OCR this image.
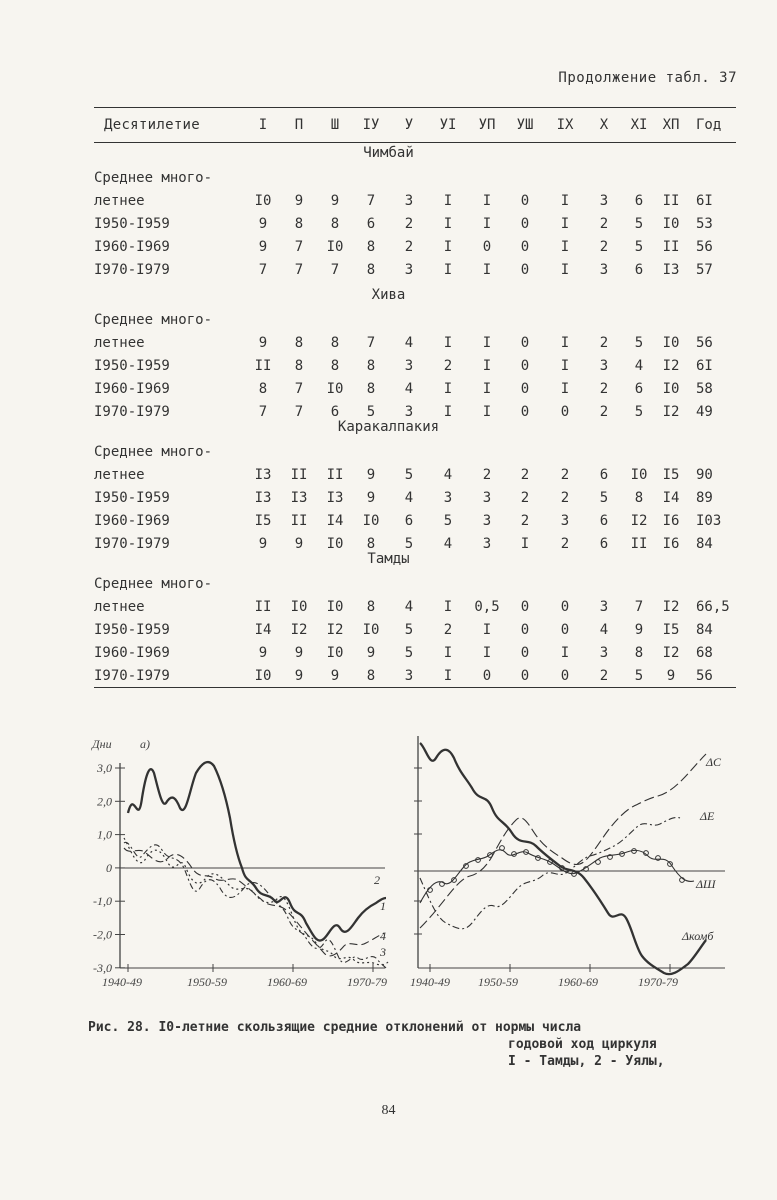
Продолжение табл. 37
Десятилетие	I	П	Ш	IУ	У	УI	УП	УШ	IX	X	XI	XП	Год
Чимбай
Среднее много-
летнее	I0	9	9	7	3	I	I	0	I	3	6	II	6I
I950-I959	9	8	8	6	2	I	I	0	I	2	5	I0	53
I960-I969	9	7	I0	8	2	I	0	0	I	2	5	II	56
I970-I979	7	7	7	8	3	I	I	0	I	3	6	I3	57
Хива
Среднее много-
летнее	9	8	8	7	4	I	I	0	I	2	5	I0	56
I950-I959	II	8	8	8	3	2	I	0	I	3	4	I2	6I
I960-I969	8	7	I0	8	4	I	I	0	I	2	6	I0	58
I970-I979	7	7	6	5	3	I	I	0	0	2	5	I2	49
Каракалпакия
Среднее много-
летнее	I3	II	II	9	5	4	2	2	2	6	I0	I5	90
I950-I959	I3	I3	I3	9	4	3	3	2	2	5	8	I4	89
I960-I969	I5	II	I4	I0	6	5	3	2	3	6	I2	I6	I03
I970-I979	9	9	I0	8	5	4	3	I	2	6	II	I6	84
Тамды
Среднее много-
летнее	II	I0	I0	8	4	I	0,5	0	0	3	7	I2	66,5
I950-I959	I4	I2	I2	I0	5	2	I	0	0	4	9	I5	84
I960-I969	9	9	I0	9	5	I	I	0	I	3	8	I2	68
I970-I979	I0	9	9	8	3	I	0	0	0	2	5	9	56
Дни а)
3,0
2,0
1,0
0
-1,0
-2,0
-3,0
1940-49	1950-59	1960-69	1970-79
2
1
4
3
1940-49 1950-59	1960-69	1970-79
ΔC
ΔE
ΔШ
Δкомб
Рис. 28. I0-летние скользящие средние отклонений от нормы числа
годовой ход циркуля
I - Тамды, 2 - Уялы,
84
